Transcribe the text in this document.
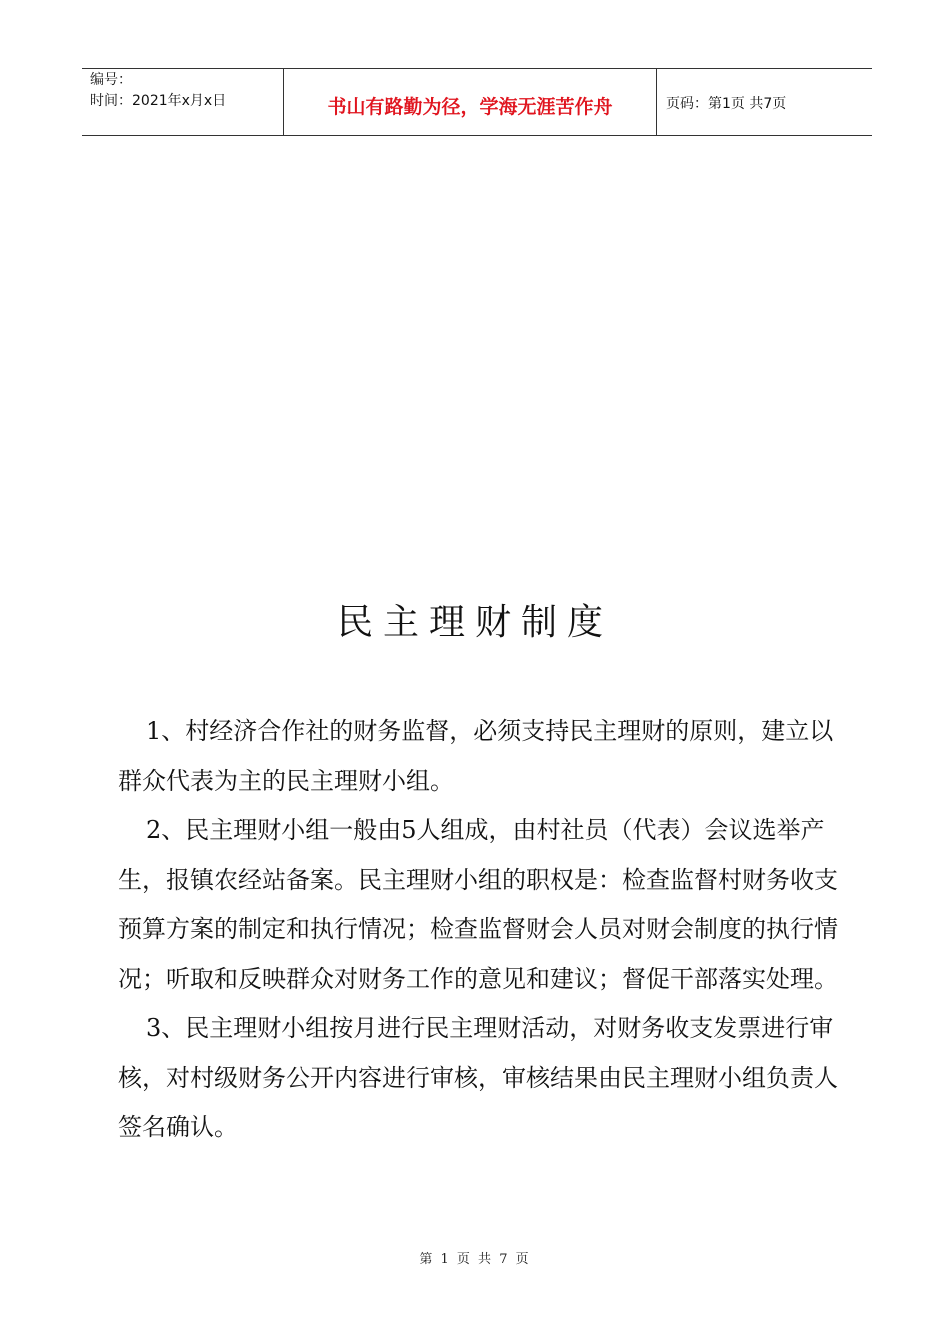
编号：
时间：2021年x月x日	书山有路勤为径，学海无涯苦作舟	页码：第1页 共7页
民主理财制度

1、村经济合作社的财务监督，必须支持民主理财的原则，建立以群众代表为主的民主理财小组。

2、民主理财小组一般由5人组成，由村社员（代表）会议选举产生，报镇农经站备案。民主理财小组的职权是：检查监督村财务收支预算方案的制定和执行情况；检查监督财会人员对财会制度的执行情况；听取和反映群众对财务工作的意见和建议；督促干部落实处理。

3、民主理财小组按月进行民主理财活动，对财务收支发票进行审核，对村级财务公开内容进行审核，审核结果由民主理财小组负责人签名确认。

第 1 页 共 7 页
